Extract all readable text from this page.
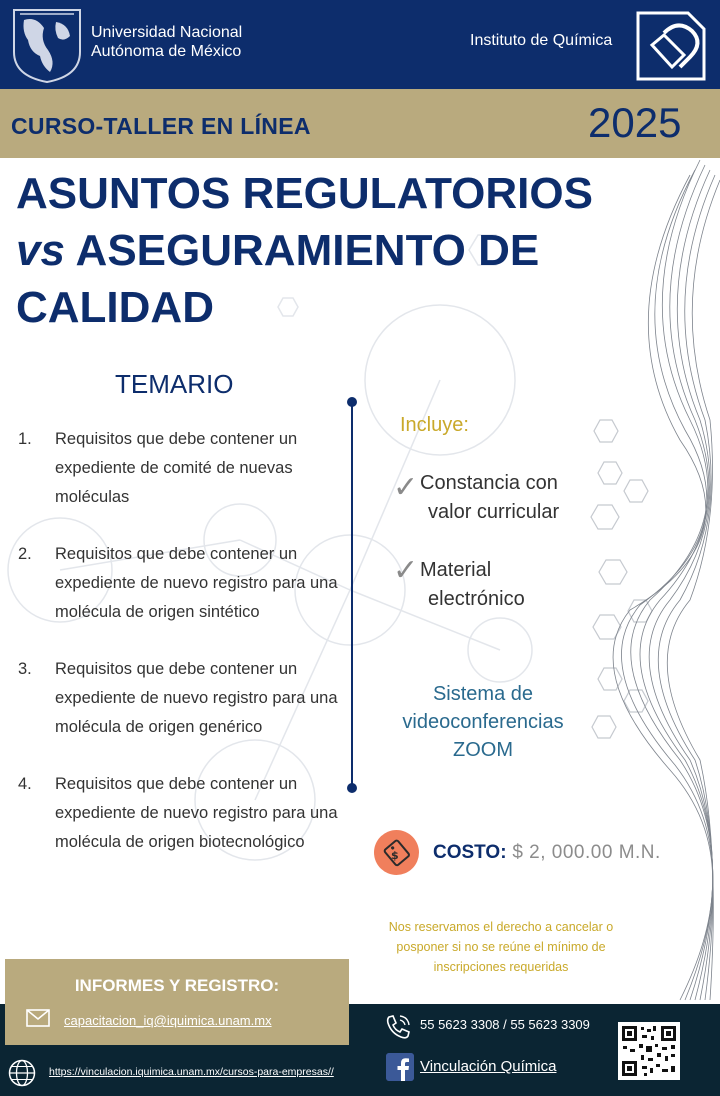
Universidad Nacional
Autónoma de México
Instituto de Química
CURSO-TALLER EN LÍNEA	2025
ASUNTOS REGULATORIOS
vs ASEGURAMIENTO DE
CALIDAD
TEMARIO
1.	Requisitos que debe contener un expediente de comité de nuevas moléculas
2.	Requisitos que debe contener un expediente de nuevo registro para una molécula de origen sintético
3.	Requisitos que debe contener un expediente de nuevo registro para una molécula de origen genérico
4.	Requisitos que debe contener un expediente de nuevo registro para una molécula de origen biotecnológico
Incluye:
✓ Constancia con
valor curricular
✓ Material
electrónico
Sistema de
videoconferencias
ZOOM
$ COSTO: $ 2, 000.00 M.N.
Nos reservamos el derecho a cancelar o
posponer si no se reúne el mínimo de
inscripciones requeridas
INFORMES Y REGISTRO:
capacitacion_iq@iquimica.unam.mx
https://vinculacion.iquimica.unam.mx/cursos-para-empresas//
55 5623 3308 / 55 5623 3309
Vinculación Química
